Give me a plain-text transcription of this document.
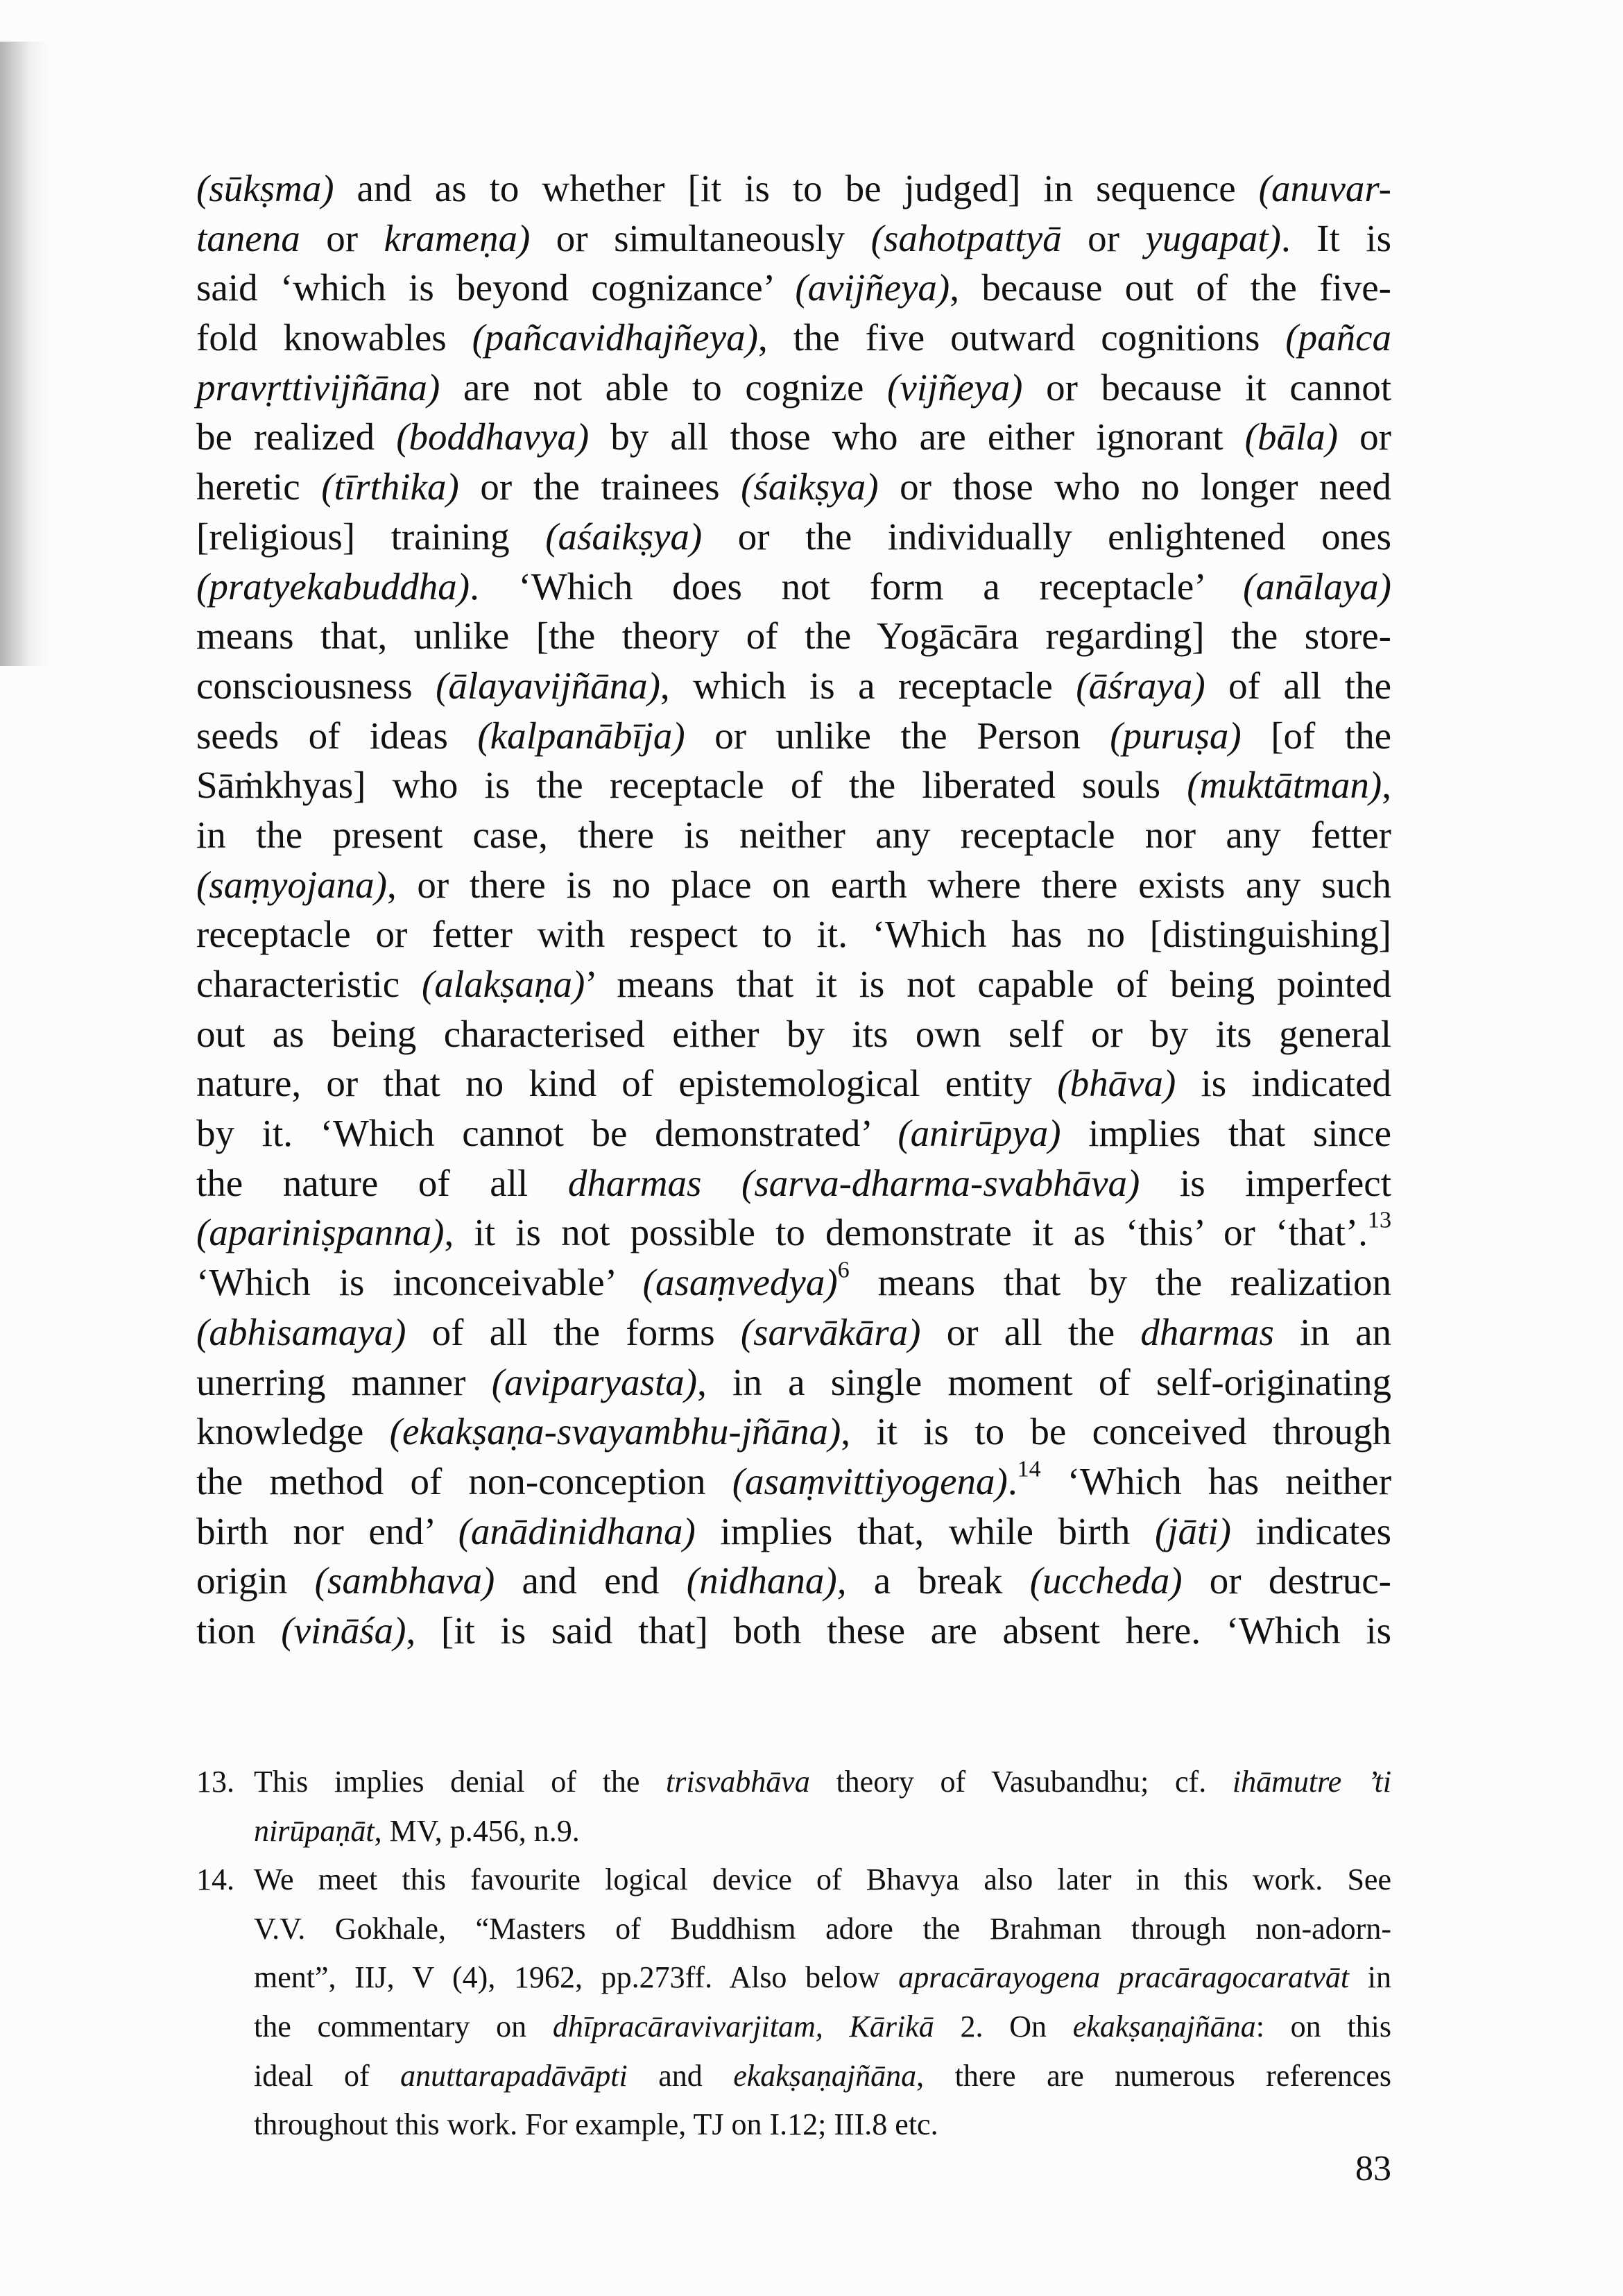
(sūkṣma) and as to whether [it is to be judged] in sequence (anuvar-
tanena or krameṇa) or simultaneously (sahotpattyā or yugapat). It is
said ‘which is beyond cognizance’ (avijñeya), because out of the five-
fold knowables (pañcavidhajñeya), the five outward cognitions (pañca
pravṛttivijñāna) are not able to cognize (vijñeya) or because it cannot
be realized (boddhavya) by all those who are either ignorant (bāla) or
heretic (tīrthika) or the trainees (śaikṣya) or those who no longer need
[religious] training (aśaikṣya) or the individually enlightened ones
(pratyekabuddha). ‘Which does not form a receptacle’ (anālaya)
means that, unlike [the theory of the Yogācāra regarding] the store-
consciousness (ālayavijñāna), which is a receptacle (āśraya) of all the
seeds of ideas (kalpanābīja) or unlike the Person (puruṣa) [of the
Sāṁkhyas] who is the receptacle of the liberated souls (muktātman),
in the present case, there is neither any receptacle nor any fetter
(saṃyojana), or there is no place on earth where there exists any such
receptacle or fetter with respect to it. ‘Which has no [distinguishing]
characteristic (alakṣaṇa)’ means that it is not capable of being pointed
out as being characterised either by its own self or by its general
nature, or that no kind of epistemological entity (bhāva) is indicated
by it. ‘Which cannot be demonstrated’ (anirūpya) implies that since
the nature of all dharmas (sarva-dharma-svabhāva) is imperfect
(apariniṣpanna), it is not possible to demonstrate it as ‘this’ or ‘that’.$^{13}$
‘Which is inconceivable’ (asaṃvedya)$^6$ means that by the realization
(abhisamaya) of all the forms (sarvākāra) or all the dharmas in an
unerring manner (aviparyasta), in a single moment of self-originating
knowledge (ekakṣaṇa-svayambhu-jñāna), it is to be conceived through
the method of non-conception (asaṃvittiyogena).$^{14}$ ‘Which has neither
birth nor end’ (anādinidhana) implies that, while birth (jāti) indicates
origin (sambhava) and end (nidhana), a break (uccheda) or destruc-
tion (vināśa), [it is said that] both these are absent here. ‘Which is
13. This implies denial of the trisvabhāva theory of Vasubandhu; cf. ihāmutre ’ti
nirūpaṇāt, MV, p.456, n.9.
14. We meet this favourite logical device of Bhavya also later in this work. See
V.V. Gokhale, “Masters of Buddhism adore the Brahman through non-adorn-
ment”, IIJ, V (4), 1962, pp.273ff. Also below apracārayogena pracāragocaratvāt in
the commentary on dhīpracāravivarjitam, Kārikā 2. On ekakṣaṇajñāna: on this
ideal of anuttarapadāvāpti and ekakṣaṇajñāna, there are numerous references
throughout this work. For example, TJ on I.12; III.8 etc.
83
